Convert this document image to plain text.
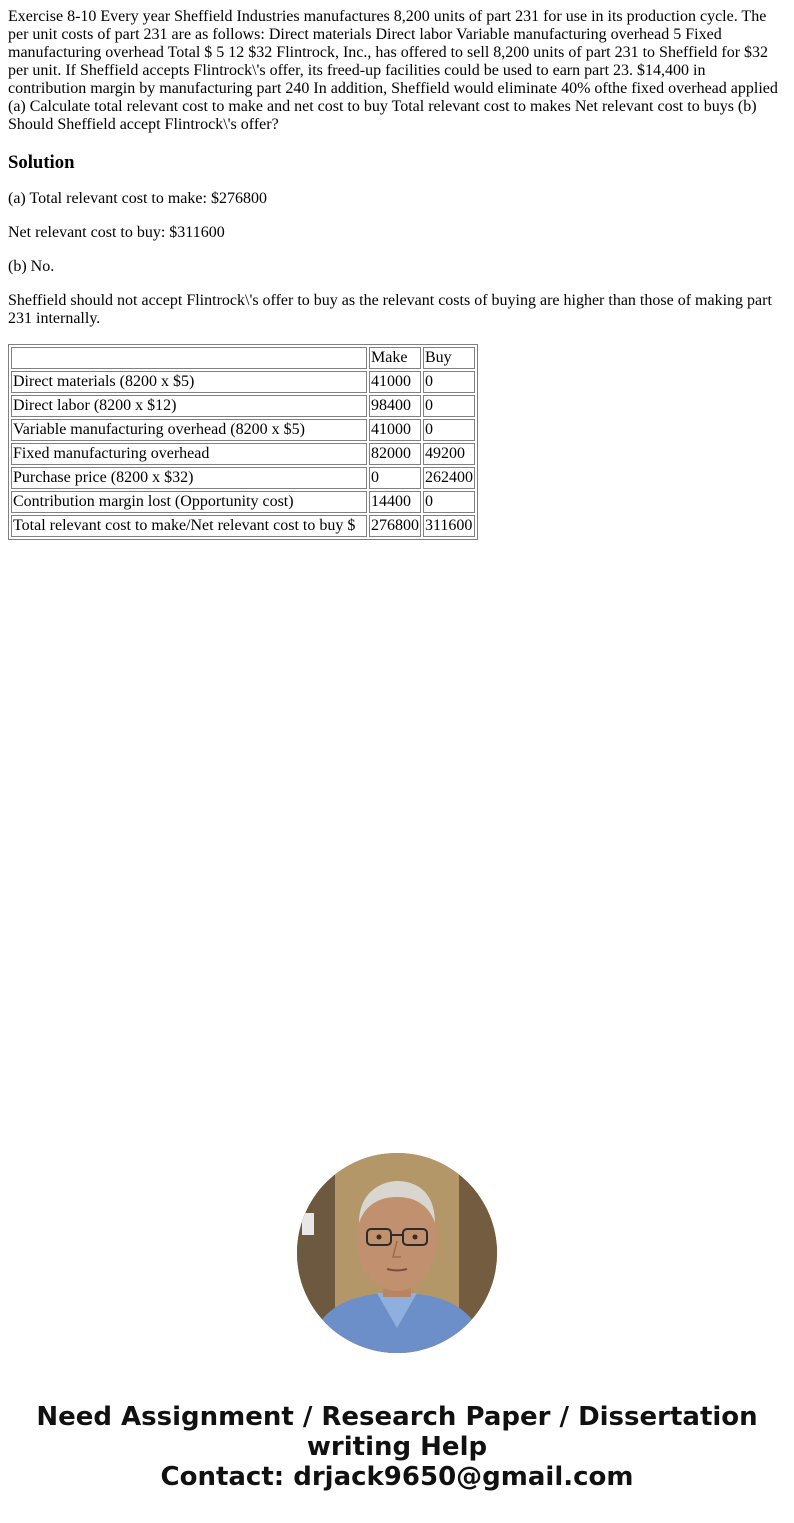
Exercise 8-10 Every year Sheffield Industries manufactures 8,200 units of part 231 for use in its production cycle. The per unit costs of part 231 are as follows: Direct materials Direct labor Variable manufacturing overhead 5 Fixed manufacturing overhead Total $ 5 12 $32 Flintrock, Inc., has offered to sell 8,200 units of part 231 to Sheffield for $32 per unit. If Sheffield accepts Flintrock\'s offer, its freed-up facilities could be used to earn part 23. $14,400 in contribution margin by manufacturing part 240 In addition, Sheffield would eliminate 40% ofthe fixed overhead applied (a) Calculate total relevant cost to make and net cost to buy Total relevant cost to makes Net relevant cost to buys (b) Should Sheffield accept Flintrock\'s offer?
Solution

(a) Total relevant cost to make: $276800

Net relevant cost to buy: $311600

(b) No.

Sheffield should not accept Flintrock\'s offer to buy as the relevant costs of buying are higher than those of making part 231 internally.

	Make	Buy
Direct materials (8200 x $5)	41000	0
Direct labor (8200 x $12)	98400	0
Variable manufacturing overhead (8200 x $5)	41000	0
Fixed manufacturing overhead	82000	49200
Purchase price (8200 x $32)	0	262400
Contribution margin lost (Opportunity cost)	14400	0
Total relevant cost to make/Net relevant cost to buy $	276800	311600
Need Assignment / Research Paper / Dissertation
writing Help
Contact: drjack9650@gmail.com
